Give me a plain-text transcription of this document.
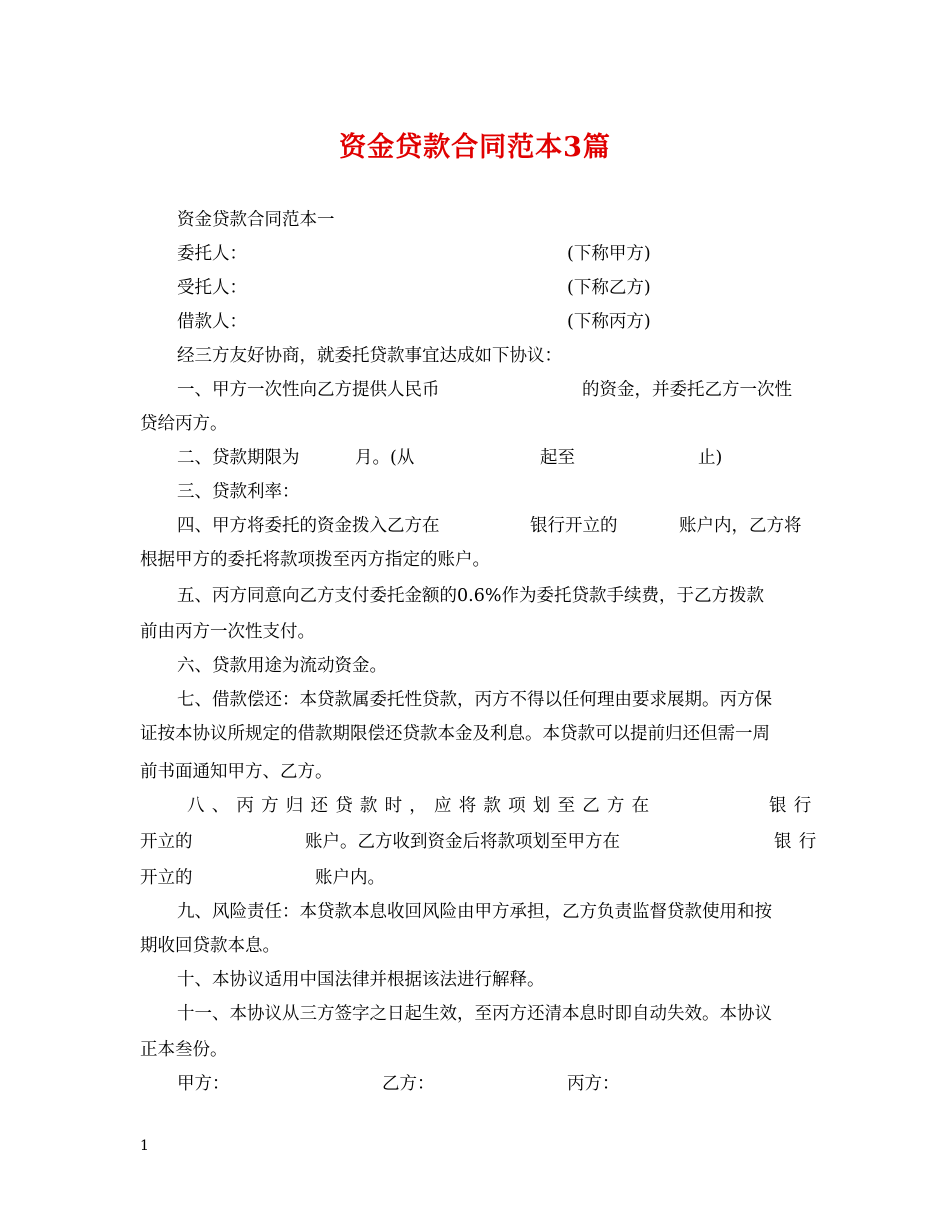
资金贷款合同范本3篇
资金贷款合同范本一
委托人：	(下称甲方)
受托人：	(下称乙方)
借款人：	(下称丙方)
经三方友好协商，就委托贷款事宜达成如下协议：
一、甲方一次性向乙方提供人民币	的资金，并委托乙方一次性
贷给丙方。
二、贷款期限为	月。(从	起至	止)
三、贷款利率：
四、甲方将委托的资金拨入乙方在	银行开立的	账户内，乙方将
根据甲方的委托将款项拨至丙方指定的账户。
五、丙方同意向乙方支付委托金额的0.6%作为委托贷款手续费，于乙方拨款
前由丙方一次性支付。
六、贷款用途为流动资金。
七、借款偿还：本贷款属委托性贷款，丙方不得以任何理由要求展期。丙方保
证按本协议所规定的借款期限偿还贷款本金及利息。本贷款可以提前归还但需一周
前书面通知甲方、乙方。
八、丙方归还贷款时，应将款项划至乙方在	银行
开立的	账户。乙方收到资金后将款项划至甲方在	银行
开立的	账户内。
九、风险责任：本贷款本息收回风险由甲方承担，乙方负责监督贷款使用和按
期收回贷款本息。
十、本协议适用中国法律并根据该法进行解释。
十一、本协议从三方签字之日起生效，至丙方还清本息时即自动失效。本协议
正本叁份。
甲方：	乙方：	丙方：
1
